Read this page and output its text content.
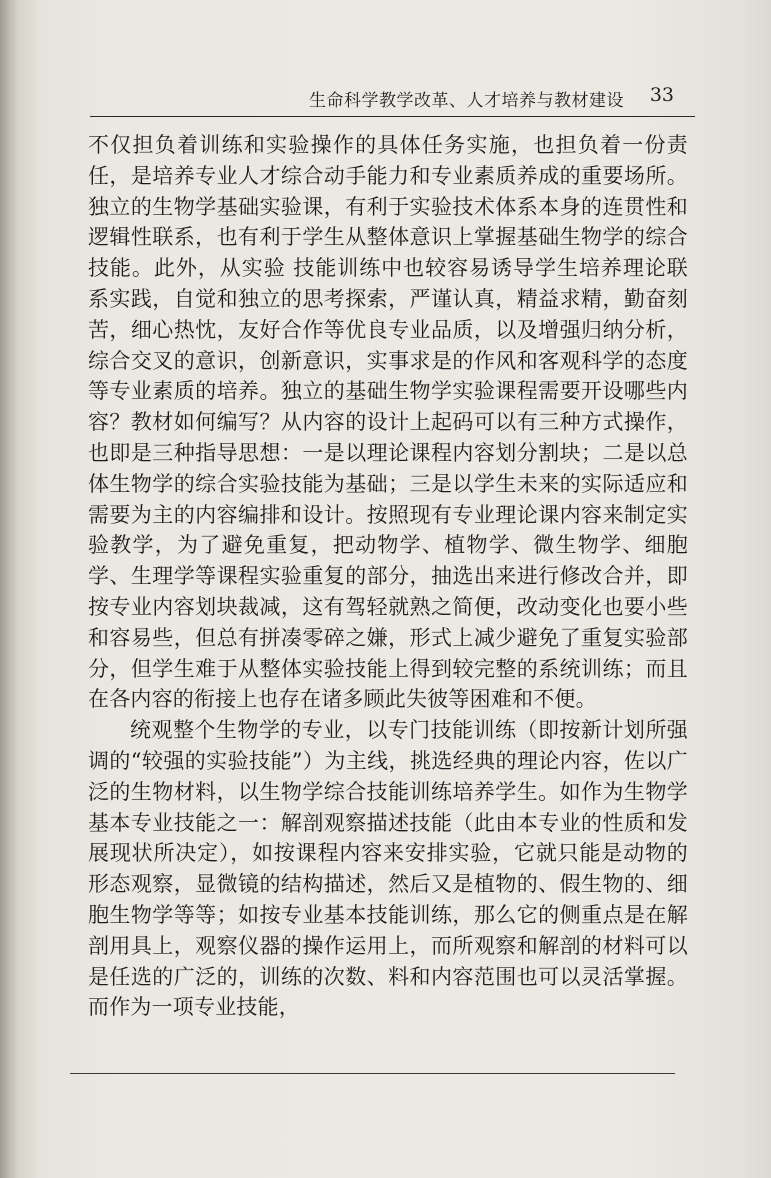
生命科学教学改革、人才培养与教材建设 33

不仅担负着训练和实验操作的具体任务实施，也担负着一份责任，是培养专业人才综合动手能力和专业素质养成的重要场所。独立的生物学基础实验课，有利于实验技术体系本身的连贯性和逻辑性联系，也有利于学生从整体意识上掌握基础生物学的综合技能。此外，从实验 技能训练中也较容易诱导学生培养理论联系实践，自觉和独立的思考探索，严谨认真，精益求精，勤奋刻苦，细心热忱，友好合作等优良专业品质，以及增强归纳分析，综合交叉的意识，创新意识，实事求是的作风和客观科学的态度等专业素质的培养。独立的基础生物学实验课程需要开设哪些内容？教材如何编写？从内容的设计上起码可以有三种方式操作，也即是三种指导思想：一是以理论课程内容划分割块；二是以总体生物学的综合实验技能为基础；三是以学生未来的实际适应和需要为主的内容编排和设计。按照现有专业理论课内容来制定实验教学，为了避免重复，把动物学、植物学、微生物学、细胞学、生理学等课程实验重复的部分，抽选出来进行修改合并，即按专业内容划块裁减，这有驾轻就熟之简便，改动变化也要小些和容易些，但总有拼凑零碎之嫌，形式上减少避免了重复实验部分，但学生难于从整体实验技能上得到较完整的系统训练；而且在各内容的衔接上也存在诸多顾此失彼等困难和不便。

统观整个生物学的专业，以专门技能训练（即按新计划所强调的“较强的实验技能”）为主线，挑选经典的理论内容，佐以广泛的生物材料，以生物学综合技能训练培养学生。如作为生物学基本专业技能之一：解剖观察描述技能（此由本专业的性质和发展现状所决定），如按课程内容来安排实验，它就只能是动物的形态观察，显微镜的结构描述，然后又是植物的、假生物的、细胞生物学等等；如按专业基本技能训练，那么它的侧重点是在解剖用具上，观察仪器的操作运用上，而所观察和解剖的材料可以是任选的广泛的，训练的次数、料和内容范围也可以灵活掌握。而作为一项专业技能，
